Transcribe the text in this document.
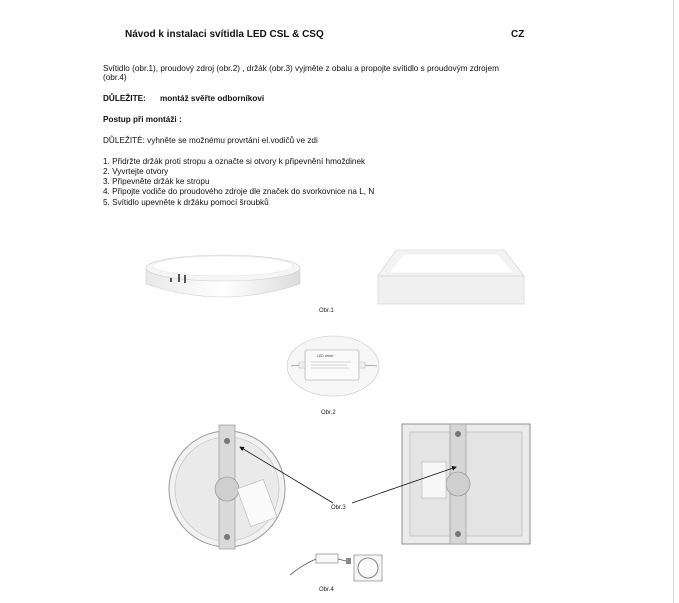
Návod k instalaci svítidla LED CSL & CSQ	CZ
Svítidlo (obr.1), proudový zdroj (obr.2) , držák (obr.3) vyjměte z obalu a propojte svítidlo s proudovým zdrojem
(obr.4)
DŮLEŽITE: montáž svěřte odborníkovi
Postup při montáži :
DŮLEŽITÉ: vyhněte se možnému provrtání el.vodičů ve zdi
1. Přidržte držák proti stropu a označte si otvory k připevnění hmoždinek
2. Vyvrtejte otvory
3. Připevněte držák ke stropu
4. Připojte vodiče do proudového zdroje dle značek do svorkovnice na L, N
5. Svítidlo upevněte k držáku pomocí šroubků
Obr.1
LED driver
Obr.2
Obr.3
Obr.4
